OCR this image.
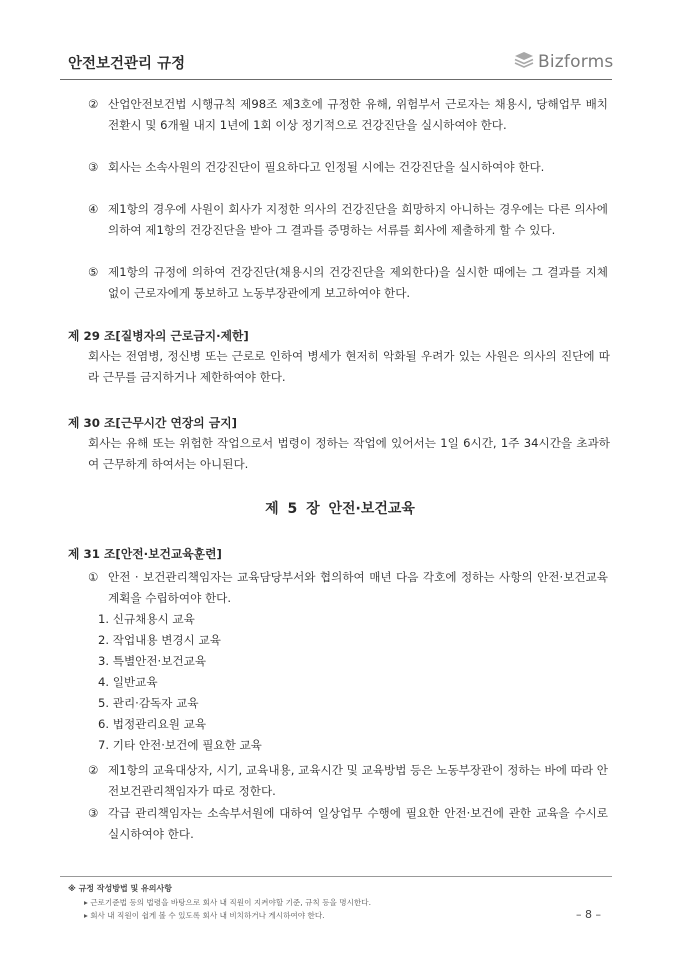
안전보건관리 규정	Bizforms
② 산업안전보건법 시행규칙 제98조 제3호에 규정한 유해, 위험부서 근로자는 채용시, 당해업무 배치전환시 및 6개월 내지 1년에 1회 이상 정기적으로 건강진단을 실시하여야 한다.
③ 회사는 소속사원의 건강진단이 필요하다고 인정될 시에는 건강진단을 실시하여야 한다.
④ 제1항의 경우에 사원이 회사가 지정한 의사의 건강진단을 희망하지 아니하는 경우에는 다른 의사에 의하여 제1항의 건강진단을 받아 그 결과를 증명하는 서류를 회사에 제출하게 할 수 있다.
⑤ 제1항의 규정에 의하여 건강진단(채용시의 건강진단을 제외한다)을 실시한 때에는 그 결과를 지체없이 근로자에게 통보하고 노동부장관에게 보고하여야 한다.
제 29 조[질병자의 근로금지·제한]
회사는 전염병, 정신병 또는 근로로 인하여 병세가 현저히 악화될 우려가 있는 사원은 의사의 진단에 따라 근무를 금지하거나 제한하여야 한다.
제 30 조[근무시간 연장의 금지]
회사는 유해 또는 위험한 작업으로서 법령이 정하는 작업에 있어서는 1일 6시간, 1주 34시간을 초과하여 근무하게 하여서는 아니된다.
제 5 장 안전·보건교육
제 31 조[안전·보건교육훈련]
① 안전 · 보건관리책임자는 교육담당부서와 협의하여 매년 다음 각호에 정하는 사항의 안전·보건교육 계획을 수립하여야 한다.
1. 신규채용시 교육
2. 작업내용 변경시 교육
3. 특별안전·보건교육
4. 일반교육
5. 관리·감독자 교육
6. 법정관리요원 교육
7. 기타 안전·보건에 필요한 교육
② 제1항의 교육대상자, 시기, 교육내용, 교육시간 및 교육방법 등은 노동부장관이 정하는 바에 따라 안전보건관리책임자가 따로 정한다.
③ 각급 관리책임자는 소속부서원에 대하여 일상업무 수행에 필요한 안전·보건에 관한 교육을 수시로 실시하여야 한다.
※ 규정 작성방법 및 유의사항
▸ 근로기준법 등의 법령을 바탕으로 회사 내 직원이 지켜야할 기준, 규칙 등을 명시한다.
▸ 회사 내 직원이 쉽게 볼 수 있도록 회사 내 비치하거나 게시하여야 한다.	– 8 –
